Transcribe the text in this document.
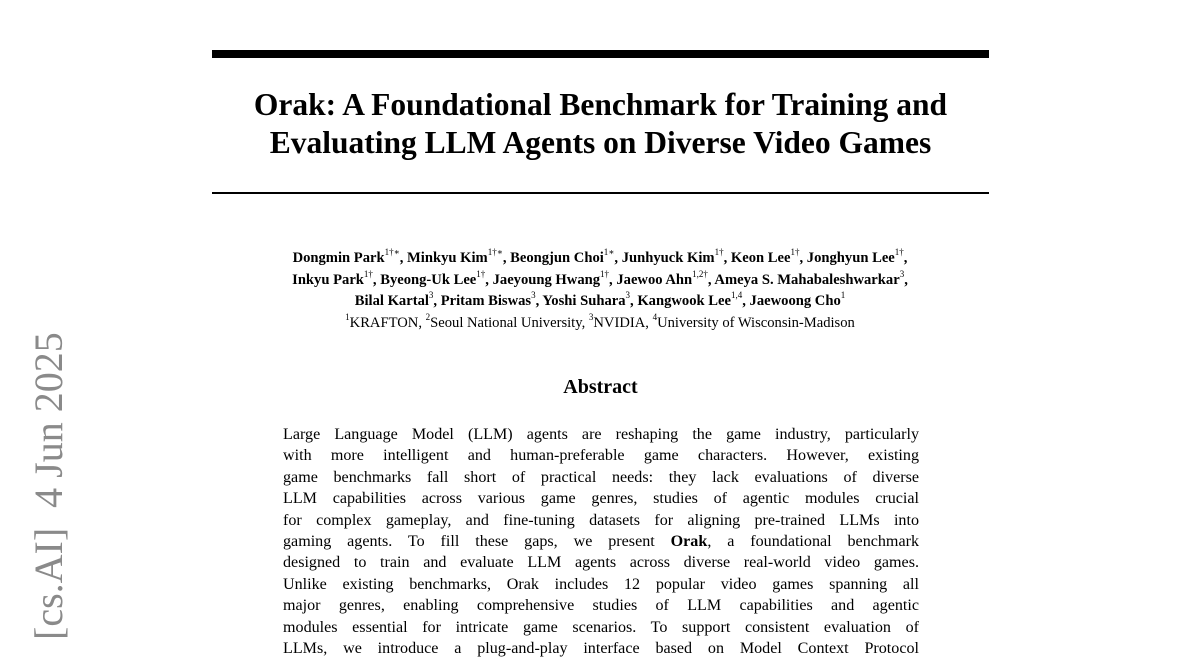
Orak: A Foundational Benchmark for Training and
Evaluating LLM Agents on Diverse Video Games
Dongmin Park$^{1\dagger∗}$, Minkyu Kim$^{1\dagger∗}$, Beongjun Choi$^{1∗}$, Junhyuck Kim$^{1\dagger}$, Keon Lee$^{1\dagger}$, Jonghyun Lee$^{1\dagger}$,
Inkyu Park$^{1\dagger}$, Byeong-Uk Lee$^{1\dagger}$, Jaeyoung Hwang$^{1\dagger}$, Jaewoo Ahn$^{1,2\dagger}$, Ameya S. Mahabaleshwarkar$^3$,
Bilal Kartal$^3$, Pritam Biswas$^3$, Yoshi Suhara$^3$, Kangwook Lee$^{1,4}$, Jaewoong Cho$^1$
$^1$KRAFTON, $^2$Seoul National University, $^3$NVIDIA, $^4$University of Wisconsin-Madison
Abstract
Large Language Model (LLM) agents are reshaping the game industry, particularly
with more intelligent and human-preferable game characters. However, existing
game benchmarks fall short of practical needs: they lack evaluations of diverse
LLM capabilities across various game genres, studies of agentic modules crucial
for complex gameplay, and fine-tuning datasets for aligning pre-trained LLMs into
gaming agents. To fill these gaps, we present Orak, a foundational benchmark
designed to train and evaluate LLM agents across diverse real-world video games.
Unlike existing benchmarks, Orak includes 12 popular video games spanning all
major genres, enabling comprehensive studies of LLM capabilities and agentic
modules essential for intricate game scenarios. To support consistent evaluation of
LLMs, we introduce a plug-and-play interface based on Model Context Protocol
[cs.AI]4 Jun 2025
